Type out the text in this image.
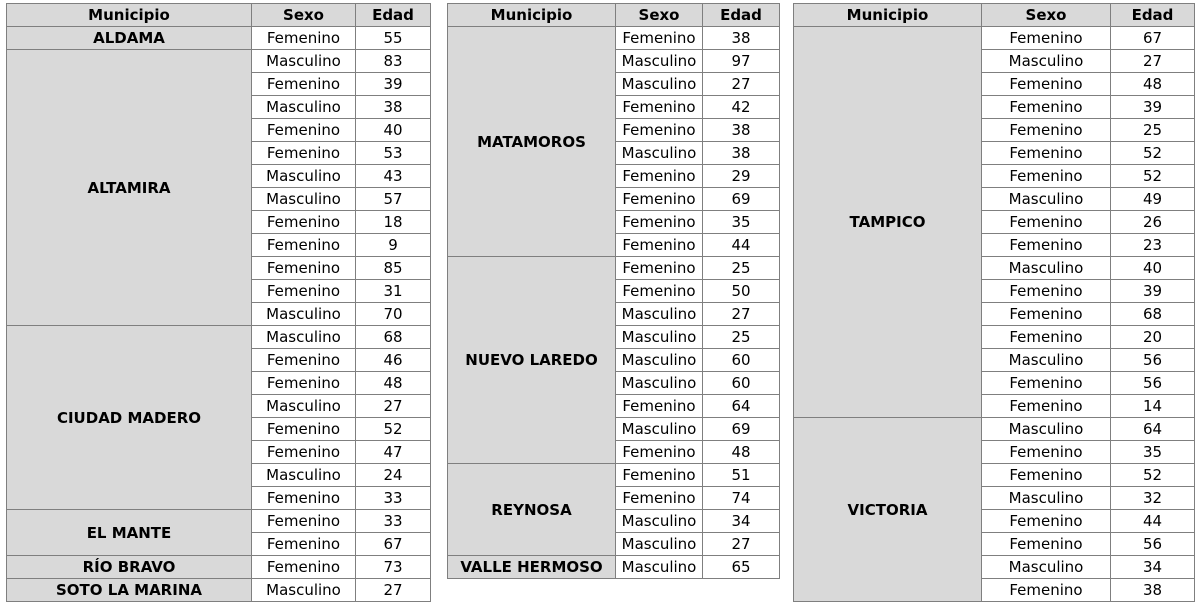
Municipio	Sexo	Edad
ALDAMA	Femenino	55
ALTAMIRA	Masculino	83
	Femenino	39
	Masculino	38
	Femenino	40
	Femenino	53
	Masculino	43
	Masculino	57
	Femenino	18
	Femenino	9
	Femenino	85
	Femenino	31
	Masculino	70
CIUDAD MADERO	Masculino	68
	Femenino	46
	Femenino	48
	Masculino	27
	Femenino	52
	Femenino	47
	Masculino	24
	Femenino	33
EL MANTE	Femenino	33
	Femenino	67
RÍO BRAVO	Femenino	73
SOTO LA MARINA	Masculino	27
Municipio	Sexo	Edad
MATAMOROS	Femenino	38
	Masculino	97
	Masculino	27
	Femenino	42
	Femenino	38
	Masculino	38
	Femenino	29
	Femenino	69
	Femenino	35
	Femenino	44
NUEVO LAREDO	Femenino	25
	Femenino	50
	Masculino	27
	Masculino	25
	Masculino	60
	Masculino	60
	Femenino	64
	Masculino	69
	Femenino	48
REYNOSA	Femenino	51
	Femenino	74
	Masculino	34
	Masculino	27
VALLE HERMOSO	Masculino	65
Municipio	Sexo	Edad
TAMPICO	Femenino	67
	Masculino	27
	Femenino	48
	Femenino	39
	Femenino	25
	Femenino	52
	Femenino	52
	Masculino	49
	Femenino	26
	Femenino	23
	Masculino	40
	Femenino	39
	Femenino	68
	Femenino	20
	Masculino	56
	Femenino	56
	Femenino	14
VICTORIA	Masculino	64
	Femenino	35
	Femenino	52
	Masculino	32
	Femenino	44
	Femenino	56
	Masculino	34
	Femenino	38
